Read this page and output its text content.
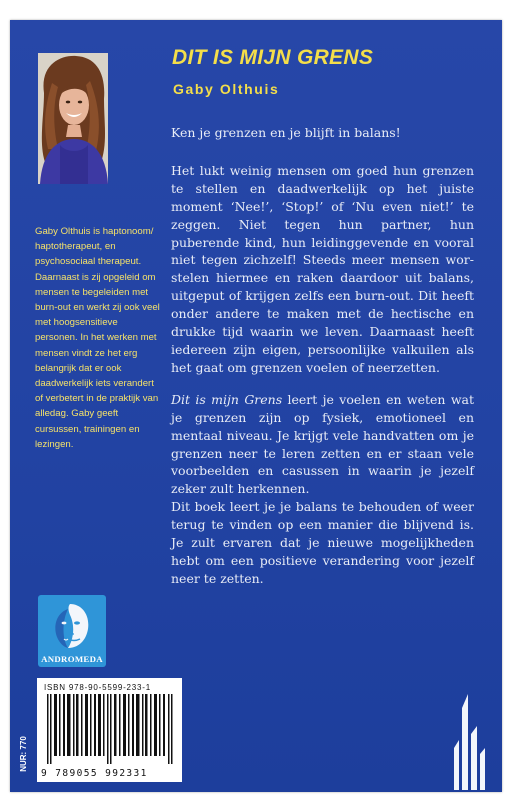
DIT IS MIJN GRENS
Gaby Olthuis
Gaby Olthuis is haptonoom/ haptotherapeut, en psychosociaal therapeut. Daarnaast is zij opgeleid om mensen te begeleiden met burn-out en werkt zij ook veel met hoogsensitieve personen. In het werken met mensen vindt ze het erg belangrijk dat er ook daadwerkelijk iets verandert of verbetert in de praktijk van alledag. Gaby geeft cursussen, trainingen en lezingen.

Ken je grenzen en je blijft in balans!

Het lukt weinig mensen om goed hun grenzen te stellen en daadwerkelijk op het juiste moment ‘Nee!’, ‘Stop!’ of ‘Nu even niet!’ te zeggen. Niet tegen hun partner, hun puberende kind, hun leidinggevende en vooral niet tegen zichzelf! Steeds meer mensen worstelen hiermee en raken daardoor uit balans, uitgeput of krijgen zelfs een burn-out. Dit heeft onder andere te maken met de hectische en drukke tijd waarin we leven. Daarnaast heeft iedereen zijn eigen, persoonlijke valkuilen als het gaat om grenzen voelen of neerzetten.

Dit is mijn Grens leert je voelen en weten wat je grenzen zijn op fysiek, emotioneel en mentaal niveau. Je krijgt vele handvatten om je grenzen neer te leren zetten en er staan vele voorbeelden en casussen in waarin je jezelf zeker zult herkennen.

Dit boek leert je je balans te behouden of weer terug te vinden op een manier die blijvend is. Je zult ervaren dat je nieuwe mogelijkheden hebt om een positieve verandering voor jezelf neer te zetten.

ANDROMEDA
ISBN 978-90-5599-233-1
9 789055 992331
NUR: 770
